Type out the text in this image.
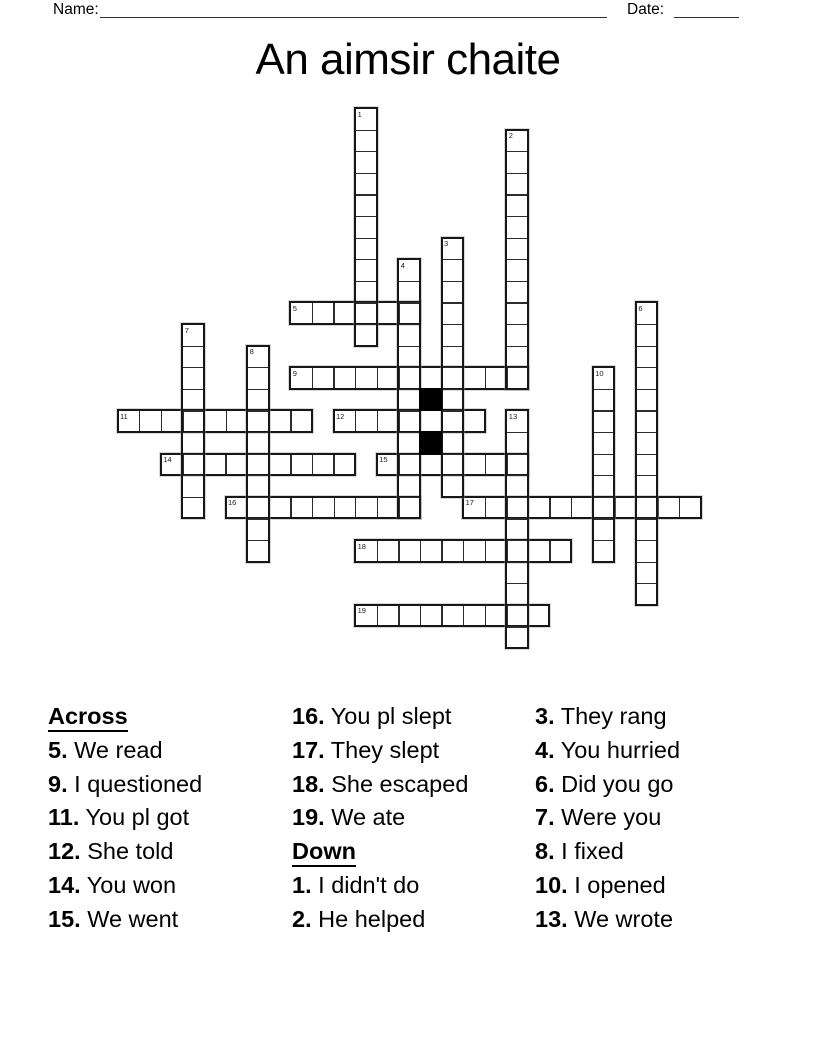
Name:	Date:
An aimsir chaite
5
9
11	12
14	15
16	17
18
19
1
2
3
4
6
7
8
10
13
Across
5. We read
9. I questioned
11. You pl got
12. She told
14. You won
15. We went
16. You pl slept
17. They slept
18. She escaped
19. We ate
Down
1. I didn't do
2. He helped
3. They rang
4. You hurried
6. Did you go
7. Were you
8. I fixed
10. I opened
13. We wrote
